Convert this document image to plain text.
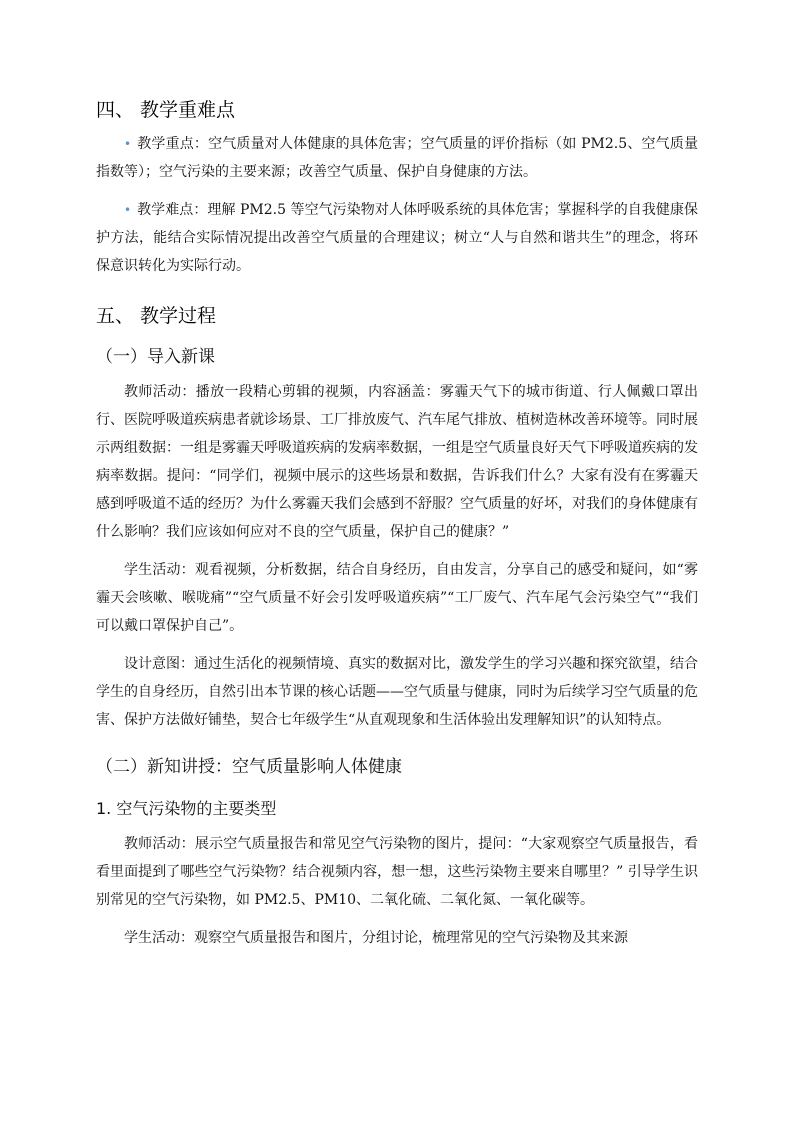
四、 教学重难点

• 教学重点：空气质量对人体健康的具体危害；空气质量的评价指标（如 PM2.5、空气质量指数等）；空气污染的主要来源；改善空气质量、保护自身健康的方法。

• 教学难点：理解 PM2.5 等空气污染物对人体呼吸系统的具体危害；掌握科学的自我健康保护方法，能结合实际情况提出改善空气质量的合理建议；树立“人与自然和谐共生”的理念，将环保意识转化为实际行动。

五、 教学过程
（一）导入新课

教师活动：播放一段精心剪辑的视频，内容涵盖：雾霾天气下的城市街道、行人佩戴口罩出行、医院呼吸道疾病患者就诊场景、工厂排放废气、汽车尾气排放、植树造林改善环境等。同时展示两组数据：一组是雾霾天呼吸道疾病的发病率数据，一组是空气质量良好天气下呼吸道疾病的发病率数据。提问：“同学们，视频中展示的这些场景和数据，告诉我们什么？大家有没有在雾霾天感到呼吸道不适的经历？为什么雾霾天我们会感到不舒服？空气质量的好坏，对我们的身体健康有什么影响？我们应该如何应对不良的空气质量，保护自己的健康？”

学生活动：观看视频，分析数据，结合自身经历，自由发言，分享自己的感受和疑问，如“雾霾天会咳嗽、喉咙痛”“空气质量不好会引发呼吸道疾病”“工厂废气、汽车尾气会污染空气”“我们可以戴口罩保护自己”。

设计意图：通过生活化的视频情境、真实的数据对比，激发学生的学习兴趣和探究欲望，结合学生的自身经历，自然引出本节课的核心话题——空气质量与健康，同时为后续学习空气质量的危害、保护方法做好铺垫，契合七年级学生“从直观现象和生活体验出发理解知识”的认知特点。

（二）新知讲授：空气质量影响人体健康
1. 空气污染物的主要类型

教师活动：展示空气质量报告和常见空气污染物的图片，提问：“大家观察空气质量报告，看看里面提到了哪些空气污染物？结合视频内容，想一想，这些污染物主要来自哪里？” 引导学生识别常见的空气污染物，如 PM2.5、PM10、二氧化硫、二氧化氮、一氧化碳等。

学生活动：观察空气质量报告和图片，分组讨论，梳理常见的空气污染物及其来源
